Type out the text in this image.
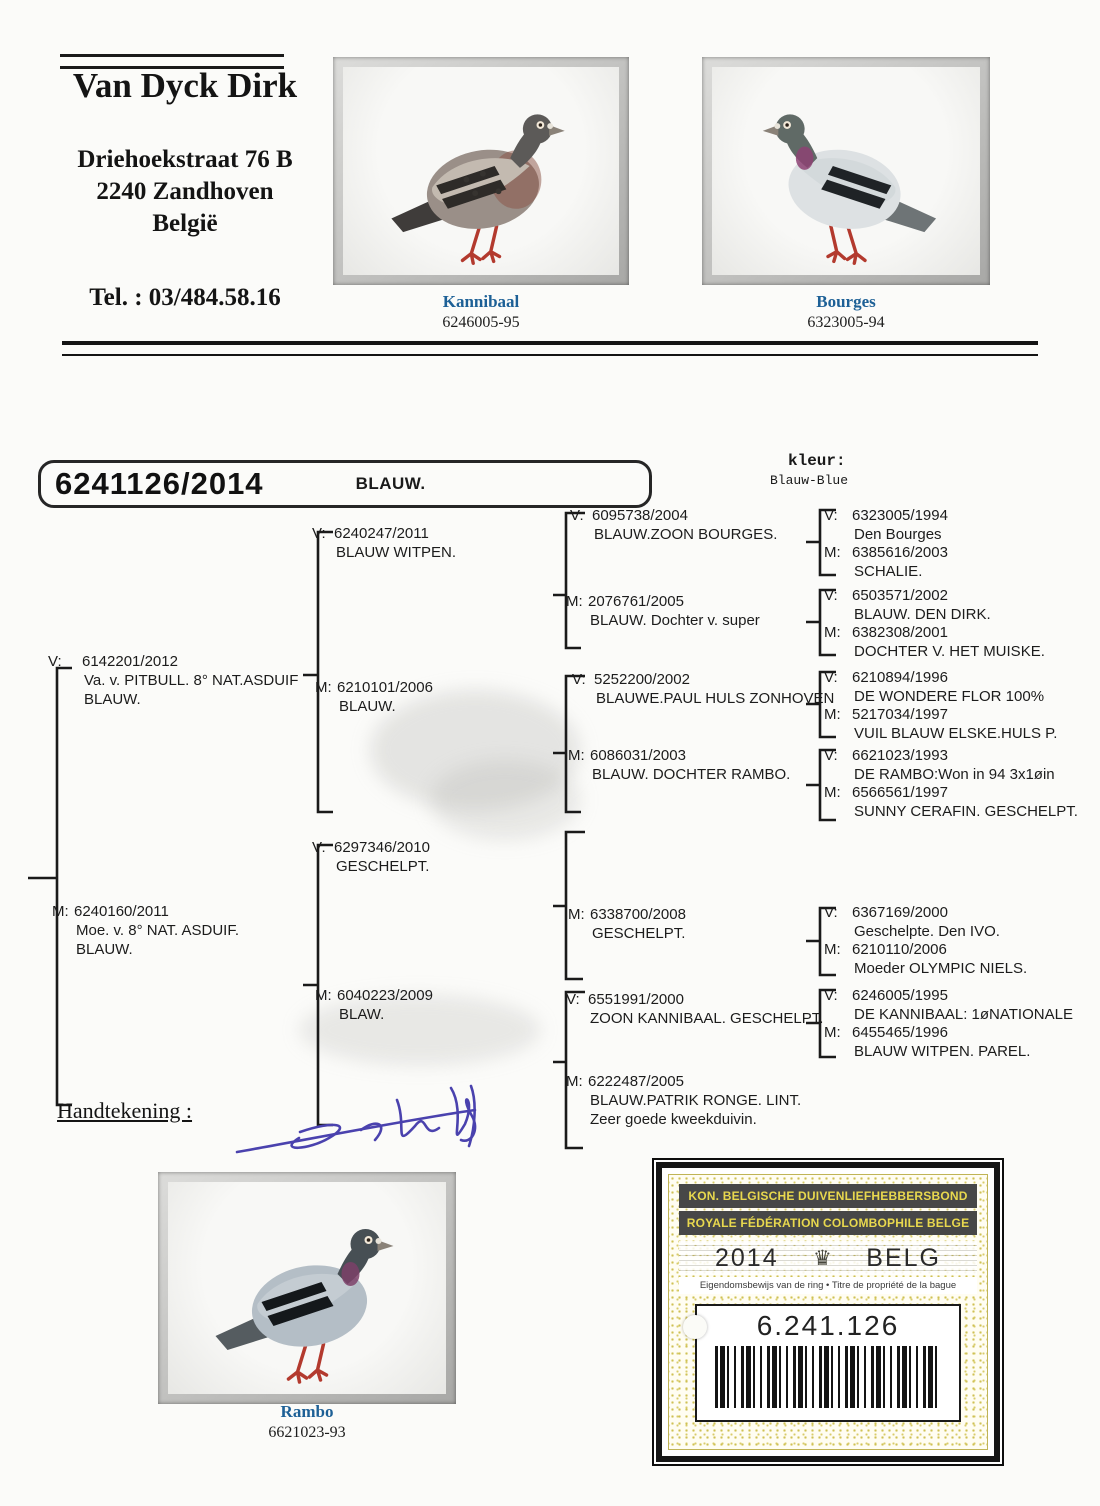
Van Dyck Dirk
Driehoekstraat 76 B
2240 Zandhoven
België
Tel. : 03/484.58.16	Kannibaal
6246005-95
Bourges
6323005-94
6241126/2014	BLAUW.
kleur:
Blauw-Blue
V: 6142201/2012
Va. v. PITBULL. 8° NAT.ASDUIF
BLAUW.
M: 6240160/2011
Moe. v. 8° NAT. ASDUIF.
BLAUW.
V: 6240247/2011
BLAUW WITPEN.
M: 6210101/2006
BLAUW.
V: 6297346/2010
GESCHELPT.
M: 6040223/2009
BLAW.
V: 6095738/2004
BLAUW.ZOON BOURGES.
M: 2076761/2005
BLAUW. Dochter v. super
V: 5252200/2002
BLAUWE.PAUL HULS ZONHOVEN
M: 6086031/2003
BLAUW. DOCHTER RAMBO.
M: 6338700/2008
GESCHELPT.
V: 6551991/2000
ZOON KANNIBAAL. GESCHELPT.
M: 6222487/2005
BLAUW.PATRIK RONGE. LINT.
Zeer goede kweekduivin.
V: 6323005/1994
Den Bourges
M: 6385616/2003
SCHALIE.
V: 6503571/2002
BLAUW. DEN DIRK.
M: 6382308/2001
DOCHTER V. HET MUISKE.
V: 6210894/1996
DE WONDERE FLOR 100%
M: 5217034/1997
VUIL BLAUW ELSKE.HULS P.
V: 6621023/1993
DE RAMBO:Won in 94 3x1øin
M: 6566561/1997
SUNNY CERAFIN. GESCHELPT.
V: 6367169/2000
Geschelpte. Den IVO.
M: 6210110/2006
Moeder OLYMPIC NIELS.
V: 6246005/1995
DE KANNIBAAL: 1øNATIONALE
M: 6455465/1996
BLAUW WITPEN. PAREL.
Handtekening :
Rambo
6621023-93
KON. BELGISCHE DUIVENLIEFHEBBERSBOND
ROYALE FÉDÉRATION COLOMBOPHILE BELGE
2014 ♛ BELG
Eigendomsbewijs van de ring • Titre de propriété de la bague
6.241.126
